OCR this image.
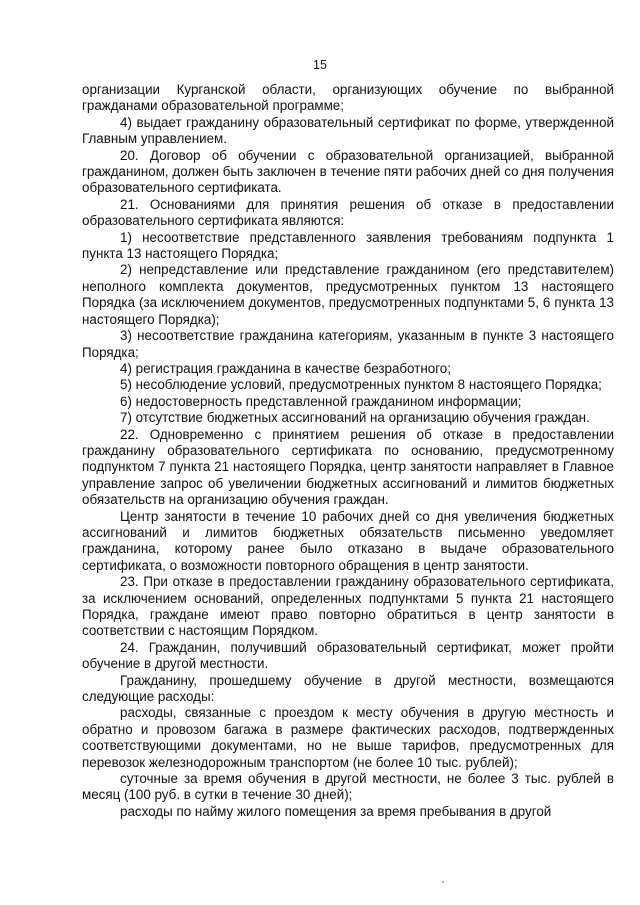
15

организации Курганской области, организующих обучение по выбранной гражданами образовательной программе;

4) выдает гражданину образовательный сертификат по форме, утвержденной Главным управлением.

20. Договор об обучении с образовательной организацией, выбранной гражданином, должен быть заключен в течение пяти рабочих дней со дня получения образовательного сертификата.

21. Основаниями для принятия решения об отказе в предоставлении образовательного сертификата являются:

1) несоответствие представленного заявления требованиям подпункта 1 пункта 13 настоящего Порядка;

2) непредставление или представление гражданином (его представителем) неполного комплекта документов, предусмотренных пунктом 13 настоящего Порядка (за исключением документов, предусмотренных подпунктами 5, 6 пункта 13 настоящего Порядка);

3) несоответствие гражданина категориям, указанным в пункте 3 настоящего Порядка;

4) регистрация гражданина в качестве безработного;

5) несоблюдение условий, предусмотренных пунктом 8 настоящего Порядка;

6) недостоверность представленной гражданином информации;

7) отсутствие бюджетных ассигнований на организацию обучения граждан.

22. Одновременно с принятием решения об отказе в предоставлении гражданину образовательного сертификата по основанию, предусмотренному подпунктом 7 пункта 21 настоящего Порядка, центр занятости направляет в Главное управление запрос об увеличении бюджетных ассигнований и лимитов бюджетных обязательств на организацию обучения граждан.

Центр занятости в течение 10 рабочих дней со дня увеличения бюджетных ассигнований и лимитов бюджетных обязательств письменно уведомляет гражданина, которому ранее было отказано в выдаче образовательного сертификата, о возможности повторного обращения в центр занятости.

23. При отказе в предоставлении гражданину образовательного сертификата, за исключением оснований, определенных подпунктами 5 пункта 21 настоящего Порядка, граждане имеют право повторно обратиться в центр занятости в соответствии с настоящим Порядком.

24. Гражданин, получивший образовательный сертификат, может пройти обучение в другой местности.

Гражданину, прошедшему обучение в другой местности, возмещаются следующие расходы:

расходы, связанные с проездом к месту обучения в другую местность и обратно и провозом багажа в размере фактических расходов, подтвержденных соответствующими документами, но не выше тарифов, предусмотренных для перевозок железнодорожным транспортом (не более 10 тыс. рублей);

суточные за время обучения в другой местности, не более 3 тыс. рублей в месяц (100 руб. в сутки в течение 30 дней);

расходы по найму жилого помещения за время пребывания в другой
